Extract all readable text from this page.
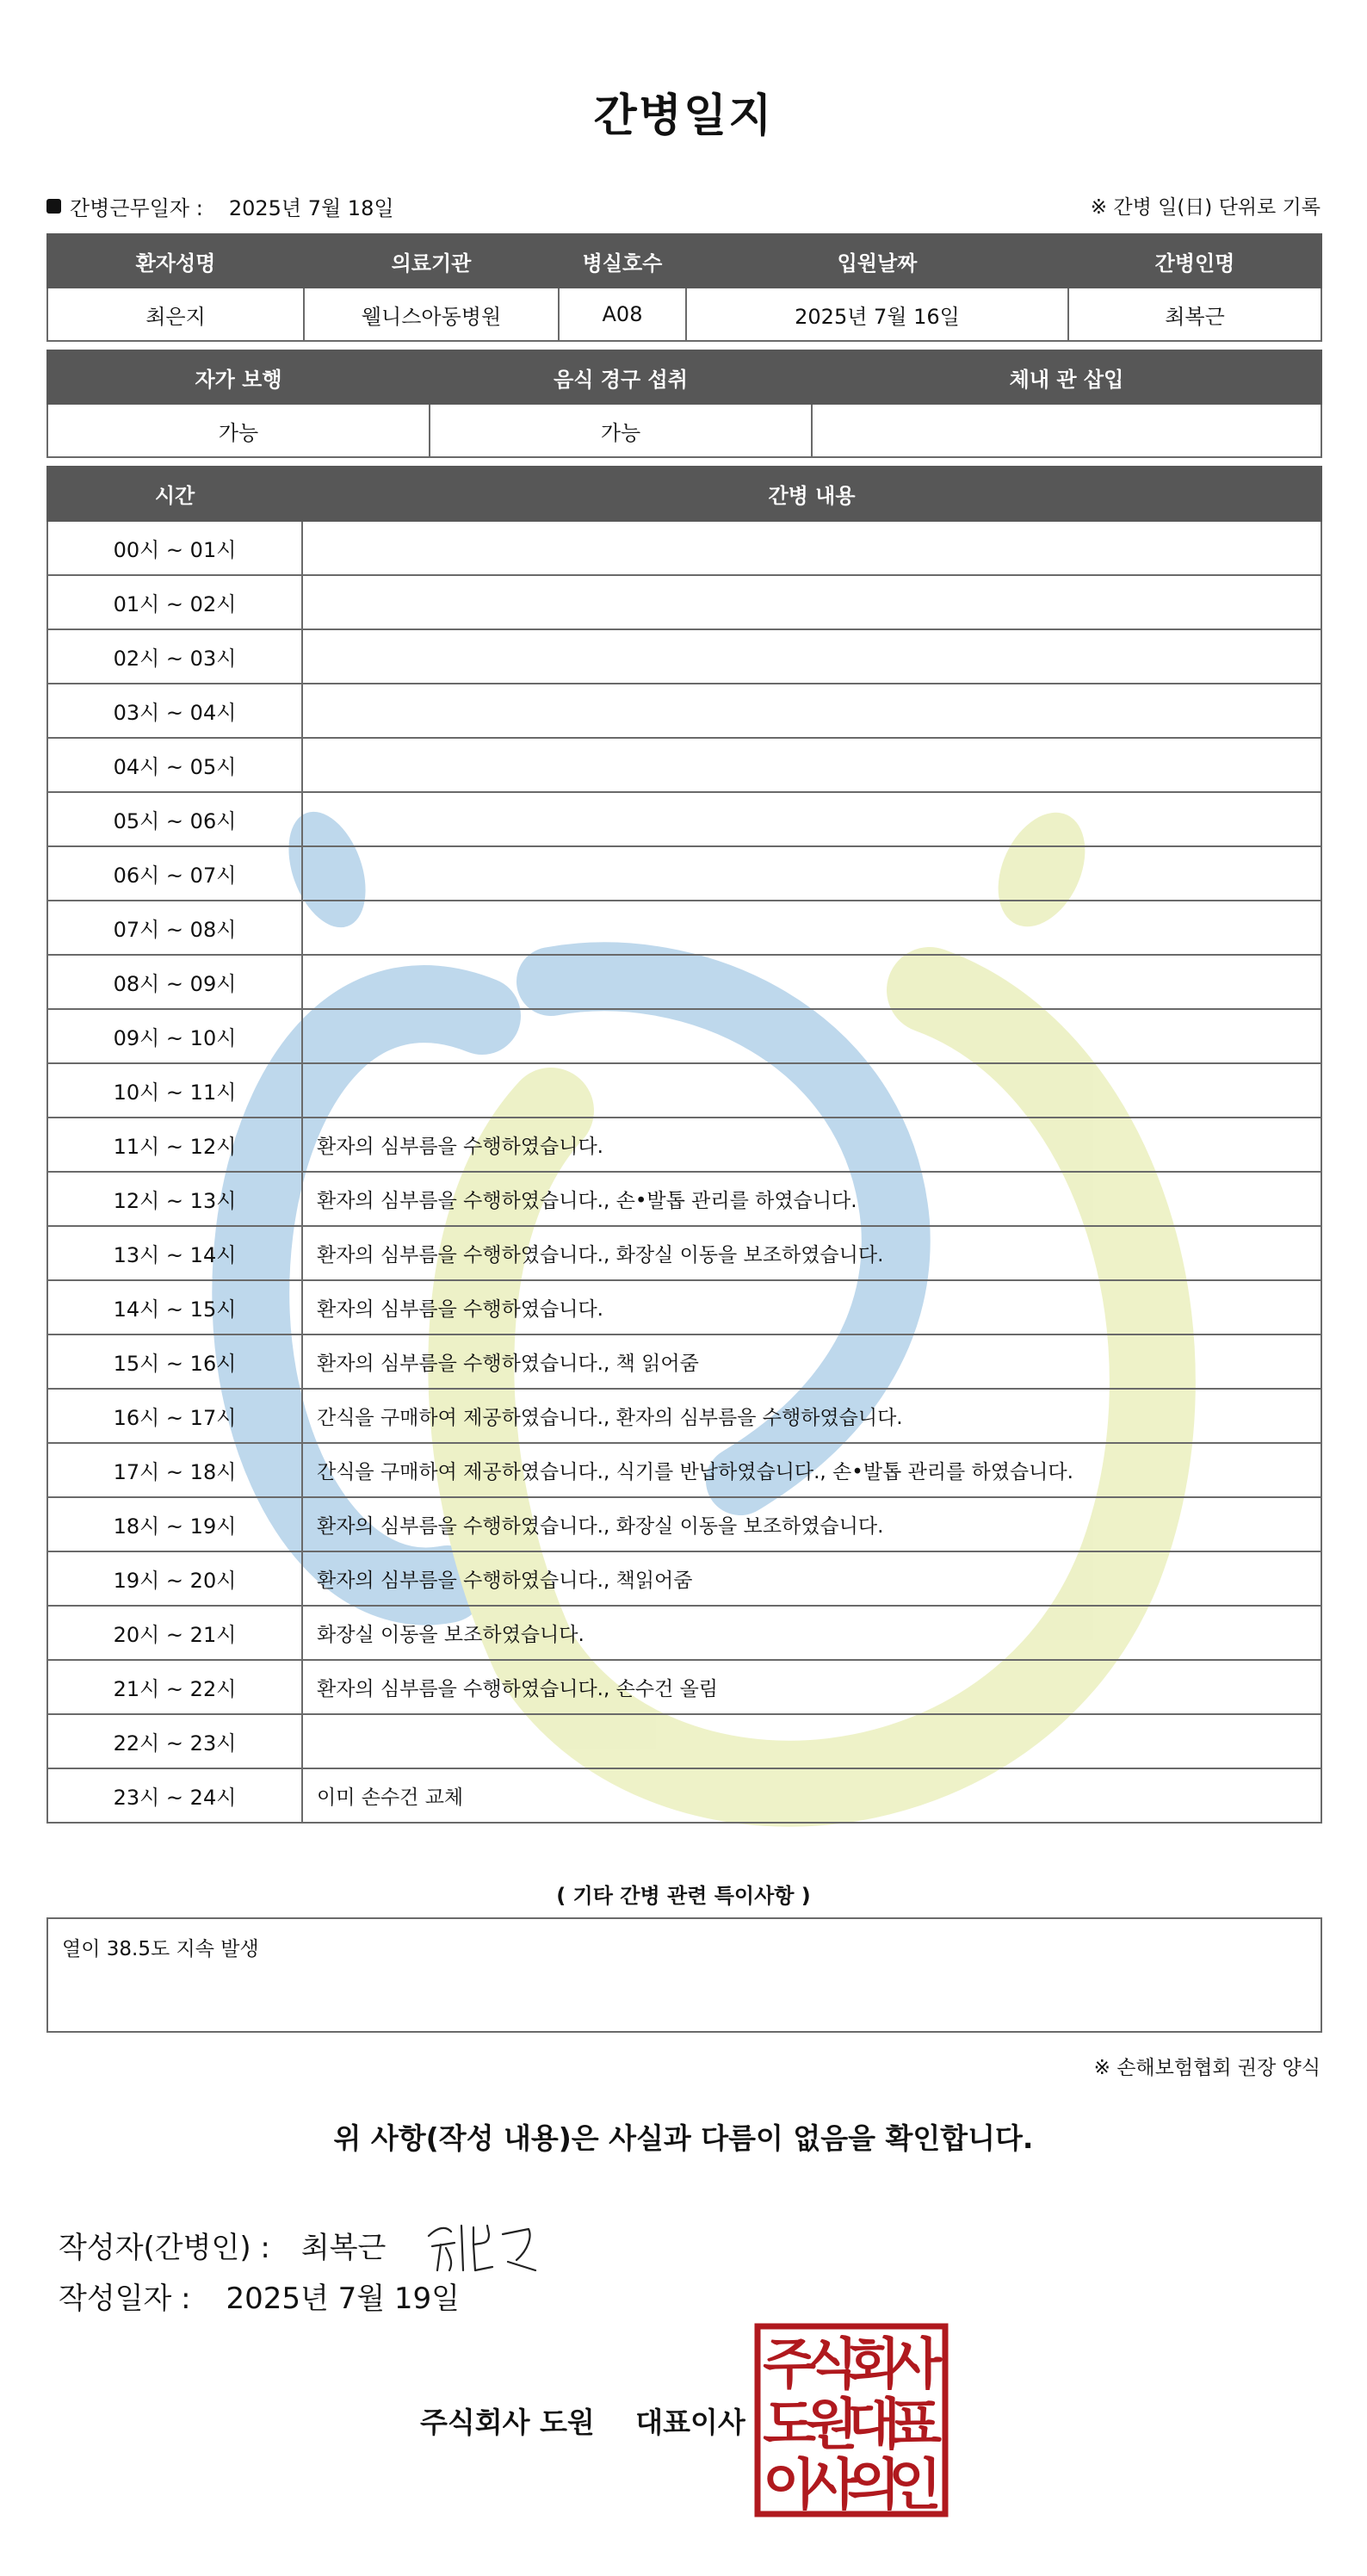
간병일지
간병근무일자 : 2025년 7월 18일	※ 간병 일(日) 단위로 기록
환자성명	의료기관	병실호수	입원날짜	간병인명
최은지	웰니스아동병원	A08	2025년 7월 16일	최복근
자가 보행	음식 경구 섭취	체내 관 삽입
가능	가능	
시간	간병 내용
00시 ~ 01시	
01시 ~ 02시	
02시 ~ 03시	
03시 ~ 04시	
04시 ~ 05시	
05시 ~ 06시	
06시 ~ 07시	
07시 ~ 08시	
08시 ~ 09시	
09시 ~ 10시	
10시 ~ 11시	
11시 ~ 12시	환자의 심부름을 수행하였습니다.
12시 ~ 13시	환자의 심부름을 수행하였습니다., 손•발톱 관리를 하였습니다.
13시 ~ 14시	환자의 심부름을 수행하였습니다., 화장실 이동을 보조하였습니다.
14시 ~ 15시	환자의 심부름을 수행하였습니다.
15시 ~ 16시	환자의 심부름을 수행하였습니다., 책 읽어줌
16시 ~ 17시	간식을 구매하여 제공하였습니다., 환자의 심부름을 수행하였습니다.
17시 ~ 18시	간식을 구매하여 제공하였습니다., 식기를 반납하였습니다., 손•발톱 관리를 하였습니다.
18시 ~ 19시	환자의 심부름을 수행하였습니다., 화장실 이동을 보조하였습니다.
19시 ~ 20시	환자의 심부름을 수행하였습니다., 책읽어줌
20시 ~ 21시	화장실 이동을 보조하였습니다.
21시 ~ 22시	환자의 심부름을 수행하였습니다., 손수건 올림
22시 ~ 23시	
23시 ~ 24시	이미 손수건 교체
( 기타 간병 관련 특이사항 )
열이 38.5도 지속 발생
※ 손해보험협회 권장 양식
위 사항(작성 내용)은 사실과 다름이 없음을 확인합니다.
작성자(간병인) : 최복근
작성일자 : 2025년 7월 19일
주식회사 도원 대표이사
주
식
회
사
도
원
대
표
이
사
의
인
